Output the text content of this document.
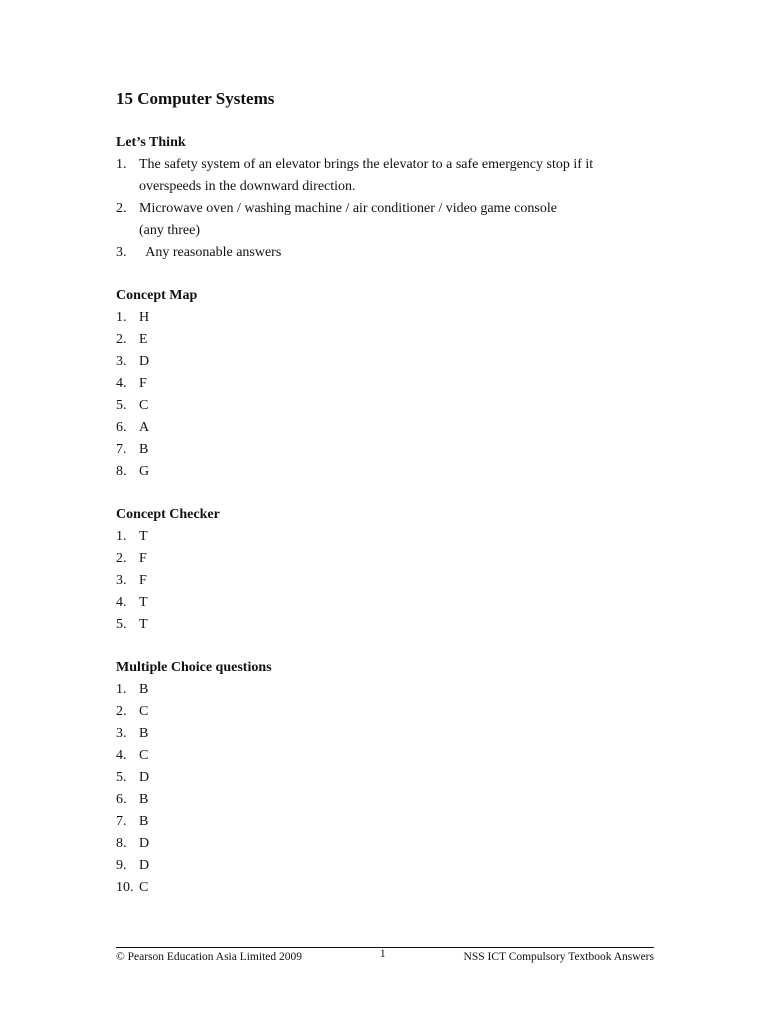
15 Computer Systems

Let’s Think

1. The safety system of an elevator brings the elevator to a safe emergency stop if it
overspeeds in the downward direction.
2. Microwave oven / washing machine / air conditioner / video game console
(any three)
3. Any reasonable answers

Concept Map

1. H
2. E
3. D
4. F
5. C
6. A
7. B
8. G

Concept Checker

1. T
2. F
3. F
4. T
5. T

Multiple Choice questions

1. B
2. C
3. B
4. C
5. D
6. B
7. B
8. D
9. D
10. C
© Pearson Education Asia Limited 2009	1	NSS ICT Compulsory Textbook Answers
